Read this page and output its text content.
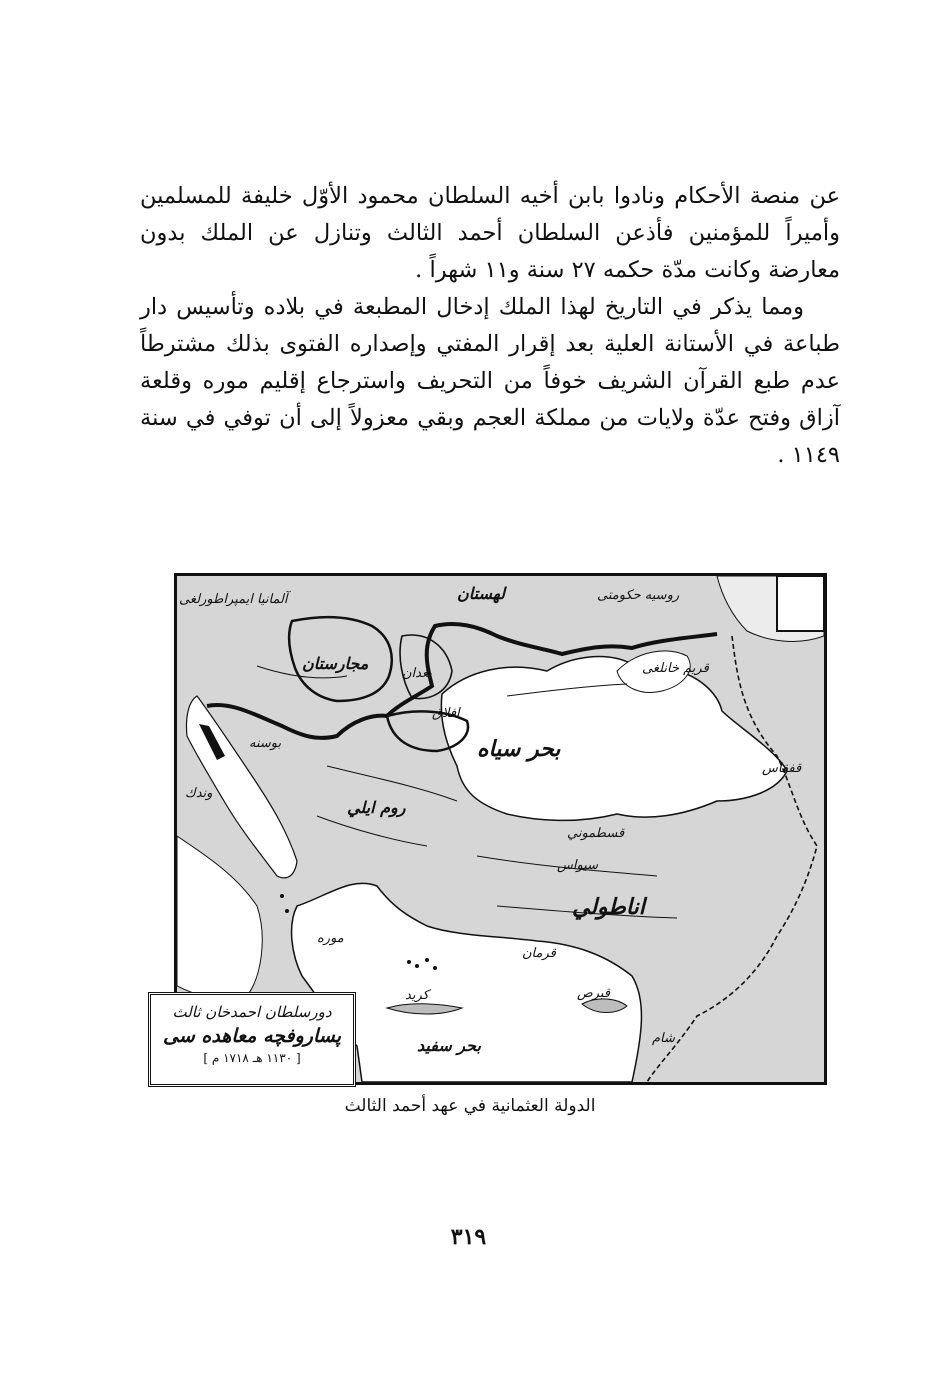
عن منصة الأحكام ونادوا بابن أخيه السلطان محمود الأوّل خليفة للمسلمين وأميراً للمؤمنين فأذعن السلطان أحمد الثالث وتنازل عن الملك بدون معارضة وكانت مدّة حكمه ٢٧ سنة و١١ شهراً .

ومما يذكر في التاريخ لهذا الملك إدخال المطبعة في بلاده وتأسيس دار طباعة في الأستانة العلية بعد إقرار المفتي وإصداره الفتوى بذلك مشترطاً عدم طبع القرآن الشريف خوفاً من التحريف واسترجاع إقليم موره وقلعة آزاق وفتح عدّة ولايات من مملكة العجم وبقي معزولاً إلى أن توفي في سنة ١١٤٩ .

بحر سياه
اناطولي
روم ايلي
مجارستان	قريم خانلغى
لهستان
قسطموني
سيواس
قرمان
افلاق
بغدان
بوسنه
موره
آلمانيا ايمپراطورلغى	روسيه حكومتى
بحر سفيد	شام
قبرص
كريد
وندك
قفقاس
دورسلطان احمدخان ثالث
پساروفچه معاهده سى
[ ١١٣٠ هـ ١٧١٨ م ]
الدولة العثمانية في عهد أحمد الثالث
٣١٩
